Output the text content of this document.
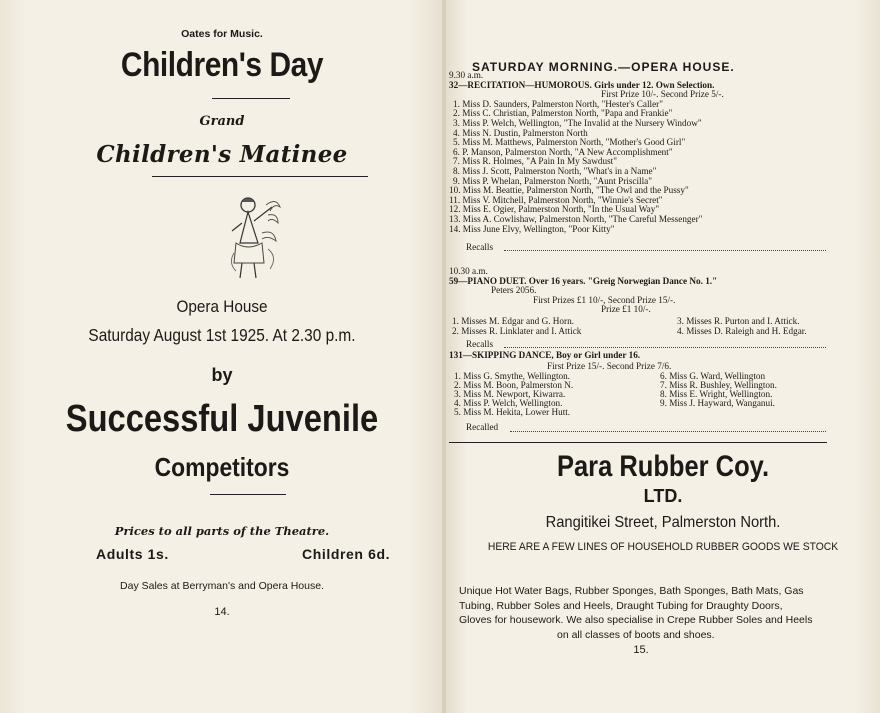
Oates for Music.
Children's Day
Grand
Children's Matinee
Opera House
Saturday August 1st 1925. At 2.30 p.m.
by
Successful Juvenile
Competitors
Prices to all parts of the Theatre.
Adults 1s.	Children 6d.
Day Sales at Berryman's and Opera House.
14.
SATURDAY MORNING.—OPERA HOUSE.
9.30 a.m.
32—RECITATION—HUMOROUS. Girls under 12. Own Selection.
First Prize 10/-. Second Prize 5/-.
1. Miss D. Saunders, Palmerston North, "Hester's Caller"
2. Miss C. Christian, Palmerston North, "Papa and Frankie"
3. Miss P. Welch, Wellington, "The Invalid at the Nursery Window"
4. Miss N. Dustin, Palmerston North
5. Miss M. Matthews, Palmerston North, "Mother's Good Girl"
6. P. Manson, Palmerston North, "A New Accomplishment"
7. Miss R. Holmes, "A Pain In My Sawdust"
8. Miss J. Scott, Palmerston North, "What's in a Name"
9. Miss P. Whelan, Palmerston North, "Aunt Priscilla"
10. Miss M. Beattie, Palmerston North, "The Owl and the Pussy"
11. Miss V. Mitchell, Palmerston North, "Winnie's Secret"
12. Miss E. Ogier, Palmerston North, "In the Usual Way"
13. Miss A. Cowlishaw, Palmerston North, "The Careful Messenger"
14. Miss June Elvy, Wellington, "Poor Kitty"
Recalls
10.30 a.m.
59—PIANO DUET. Over 16 years. "Greig Norwegian Dance No. 1."
Peters 2056.
First Prizes £1 10/-, Second Prize 15/-.
Prize £1 10/-.
1. Misses M. Edgar and G. Horn.
2. Misses R. Linklater and I. Attick
3. Misses R. Purton and I. Attick.
4. Misses D. Raleigh and H. Edgar.
Recalls
131—SKIPPING DANCE, Boy or Girl under 16.
First Prize 15/-. Second Prize 7/6.
1. Miss G. Smythe, Wellington.
2. Miss M. Boon, Palmerston N.
3. Miss M. Newport, Kiwarra.
4. Miss P. Welch, Wellington.
5. Miss M. Hekita, Lower Hutt.
6. Miss G. Ward, Wellington
7. Miss R. Bushley, Wellington.
8. Miss E. Wright, Wellington.
9. Miss J. Hayward, Wanganui.
Recalled
Para Rubber Coy.
LTD.
Rangitikei Street, Palmerston North.
HERE ARE A FEW LINES OF HOUSEHOLD RUBBER GOODS WE STOCK
Unique Hot Water Bags, Rubber Sponges, Bath Sponges, Bath Mats, Gas
Tubing, Rubber Soles and Heels, Draught Tubing for Draughty Doors,
Gloves for housework. We also specialise in Crepe Rubber Soles and Heels
on all classes of boots and shoes.
15.
